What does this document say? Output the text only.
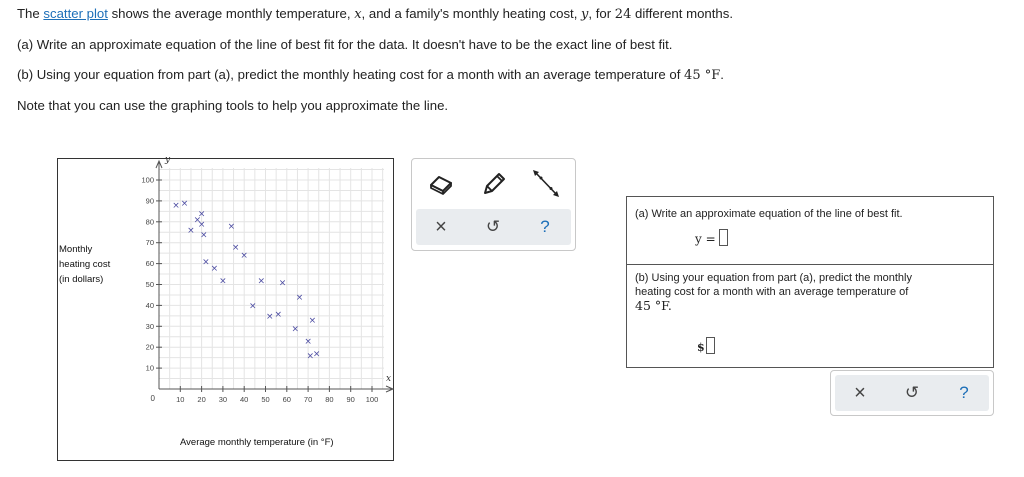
The scatter plot shows the average monthly temperature, x, and a family's monthly heating cost, y, for 24 different months.
(a) Write an approximate equation of the line of best fit for the data. It doesn't have to be the exact line of best fit.
(b) Using your equation from part (a), predict the monthly heating cost for a month with an average temperature of 45 °F.
Note that you can use the graphing tools to help you approximate the line.
y
x
0	10 20 30 40 50 60 70 80 90 100
10
20
30
40
50
60
70
80
90
100
× ×
×
×
×
×
×
×
×
×
×
×
×
×
×
× ×
×
×
×
×
×
×
×
Monthly
heating cost
(in dollars)
Average monthly temperature (in °F)
×	↺	?
(a) Write an approximate equation of the line of best fit.
y =
(b) Using your equation from part (a), predict the monthly
heating cost for a month with an average temperature of
45 °F.
$
×	↺	?
